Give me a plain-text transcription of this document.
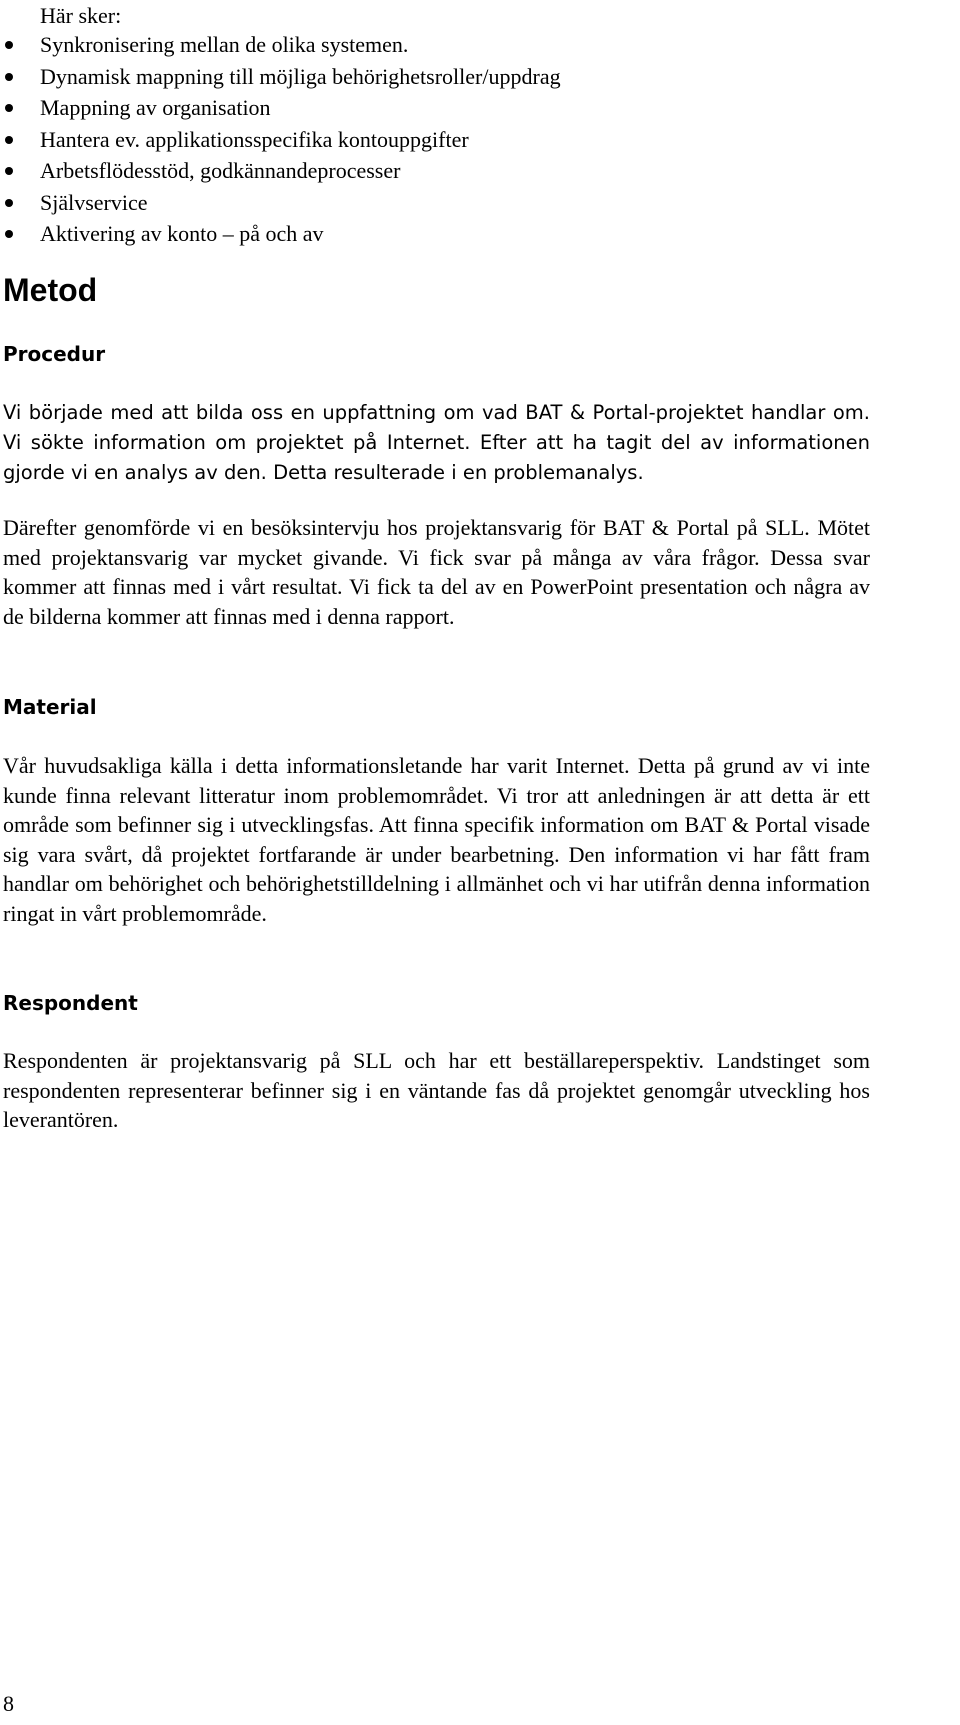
Här sker:
Synkronisering mellan de olika systemen.
Dynamisk mappning till möjliga behörighetsroller/uppdrag
Mappning av organisation
Hantera ev. applikationsspecifika kontouppgifter
Arbetsflödesstöd, godkännandeprocesser
Självservice
Aktivering av konto – på och av
Metod
Procedur

Vi började med att bilda oss en uppfattning om vad BAT & Portal-projektet handlar om. Vi sökte information om projektet på Internet. Efter att ha tagit del av informationen gjorde vi en analys av den. Detta resulterade i en problemanalys.

Därefter genomförde vi en besöksintervju hos projektansvarig för BAT & Portal på SLL. Mötet med projektansvarig var mycket givande. Vi fick svar på många av våra frågor. Dessa svar kommer att finnas med i vårt resultat. Vi fick ta del av en PowerPoint presentation och några av de bilderna kommer att finnas med i denna rapport.

Material

Vår huvudsakliga källa i detta informationsletande har varit Internet. Detta på grund av vi inte kunde finna relevant litteratur inom problemområdet. Vi tror att anledningen är att detta är ett område som befinner sig i utvecklingsfas. Att finna specifik information om BAT & Portal visade sig vara svårt, då projektet fortfarande är under bearbetning. Den information vi har fått fram handlar om behörighet och behörighetstilldelning i allmänhet och vi har utifrån denna information ringat in vårt problemområde.

Respondent

Respondenten är projektansvarig på SLL och har ett beställareperspektiv. Landstinget som respondenten representerar befinner sig i en väntande fas då projektet genomgår utveckling hos leverantören.

8
